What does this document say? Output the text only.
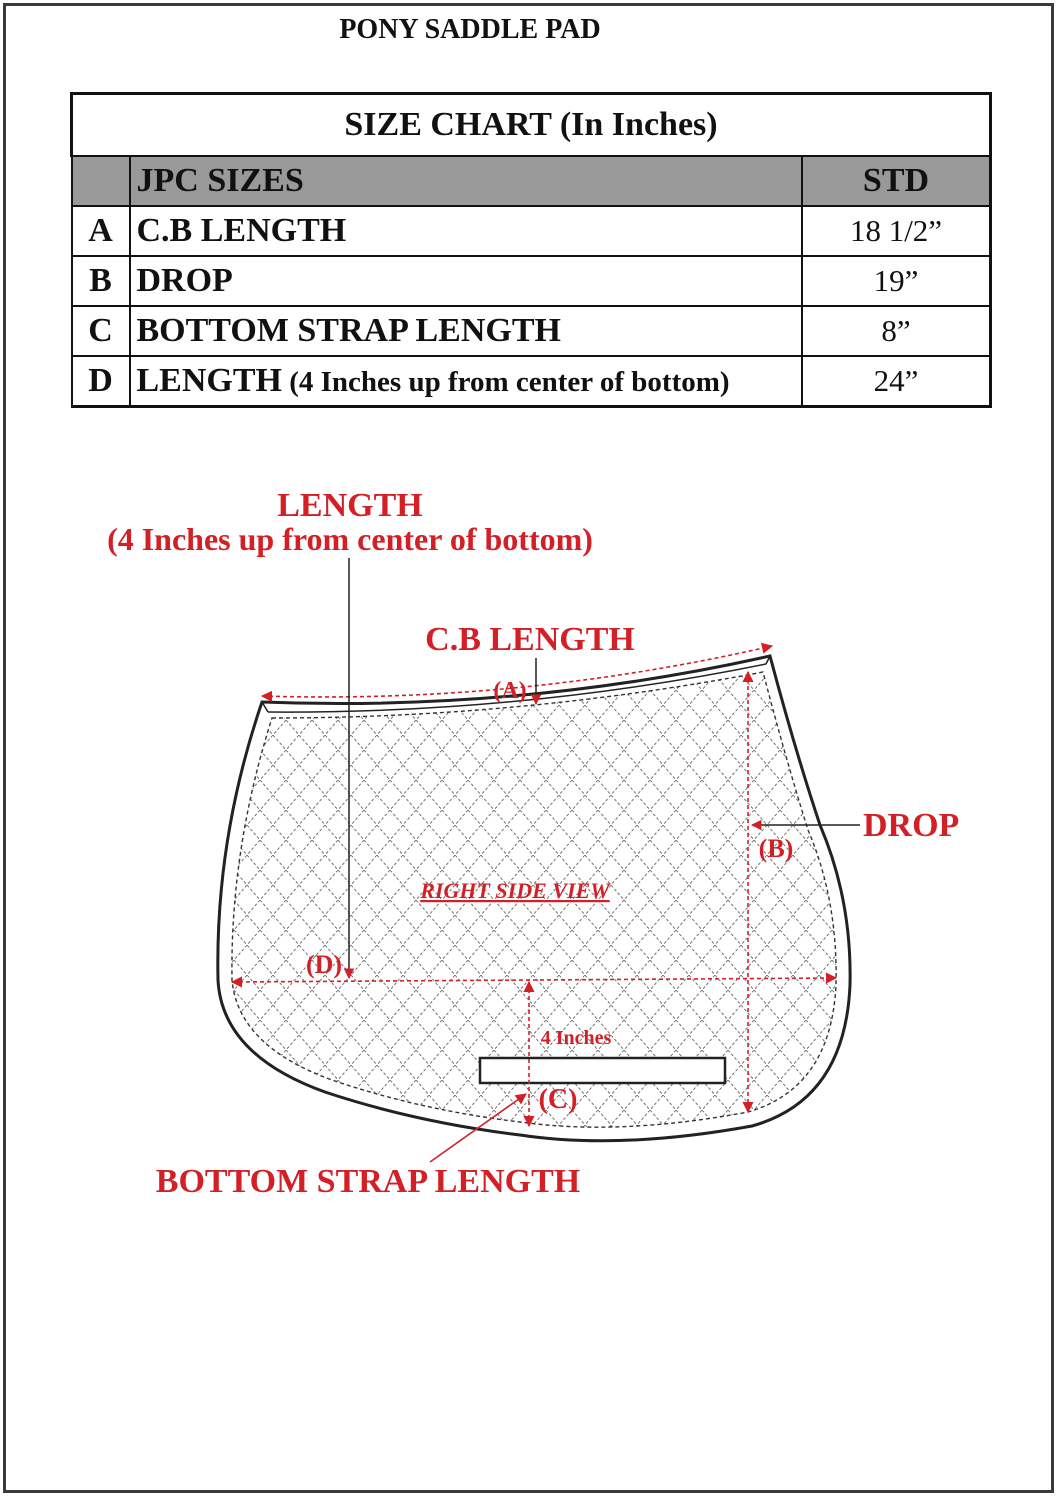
PONY SADDLE PAD
SIZE CHART (In Inches)		
	JPC SIZES	STD
A	C.B LENGTH	18 1/2”
B	DROP	19”
C	BOTTOM STRAP LENGTH	8”
D	LENGTH (4 Inches up from center of bottom)	24”
LENGTH
(4 Inches up from center of bottom)
C.B LENGTH
(A)
DROP
(B)
RIGHT SIDE VIEW
(D)
4 Inches
(C)
BOTTOM STRAP LENGTH
